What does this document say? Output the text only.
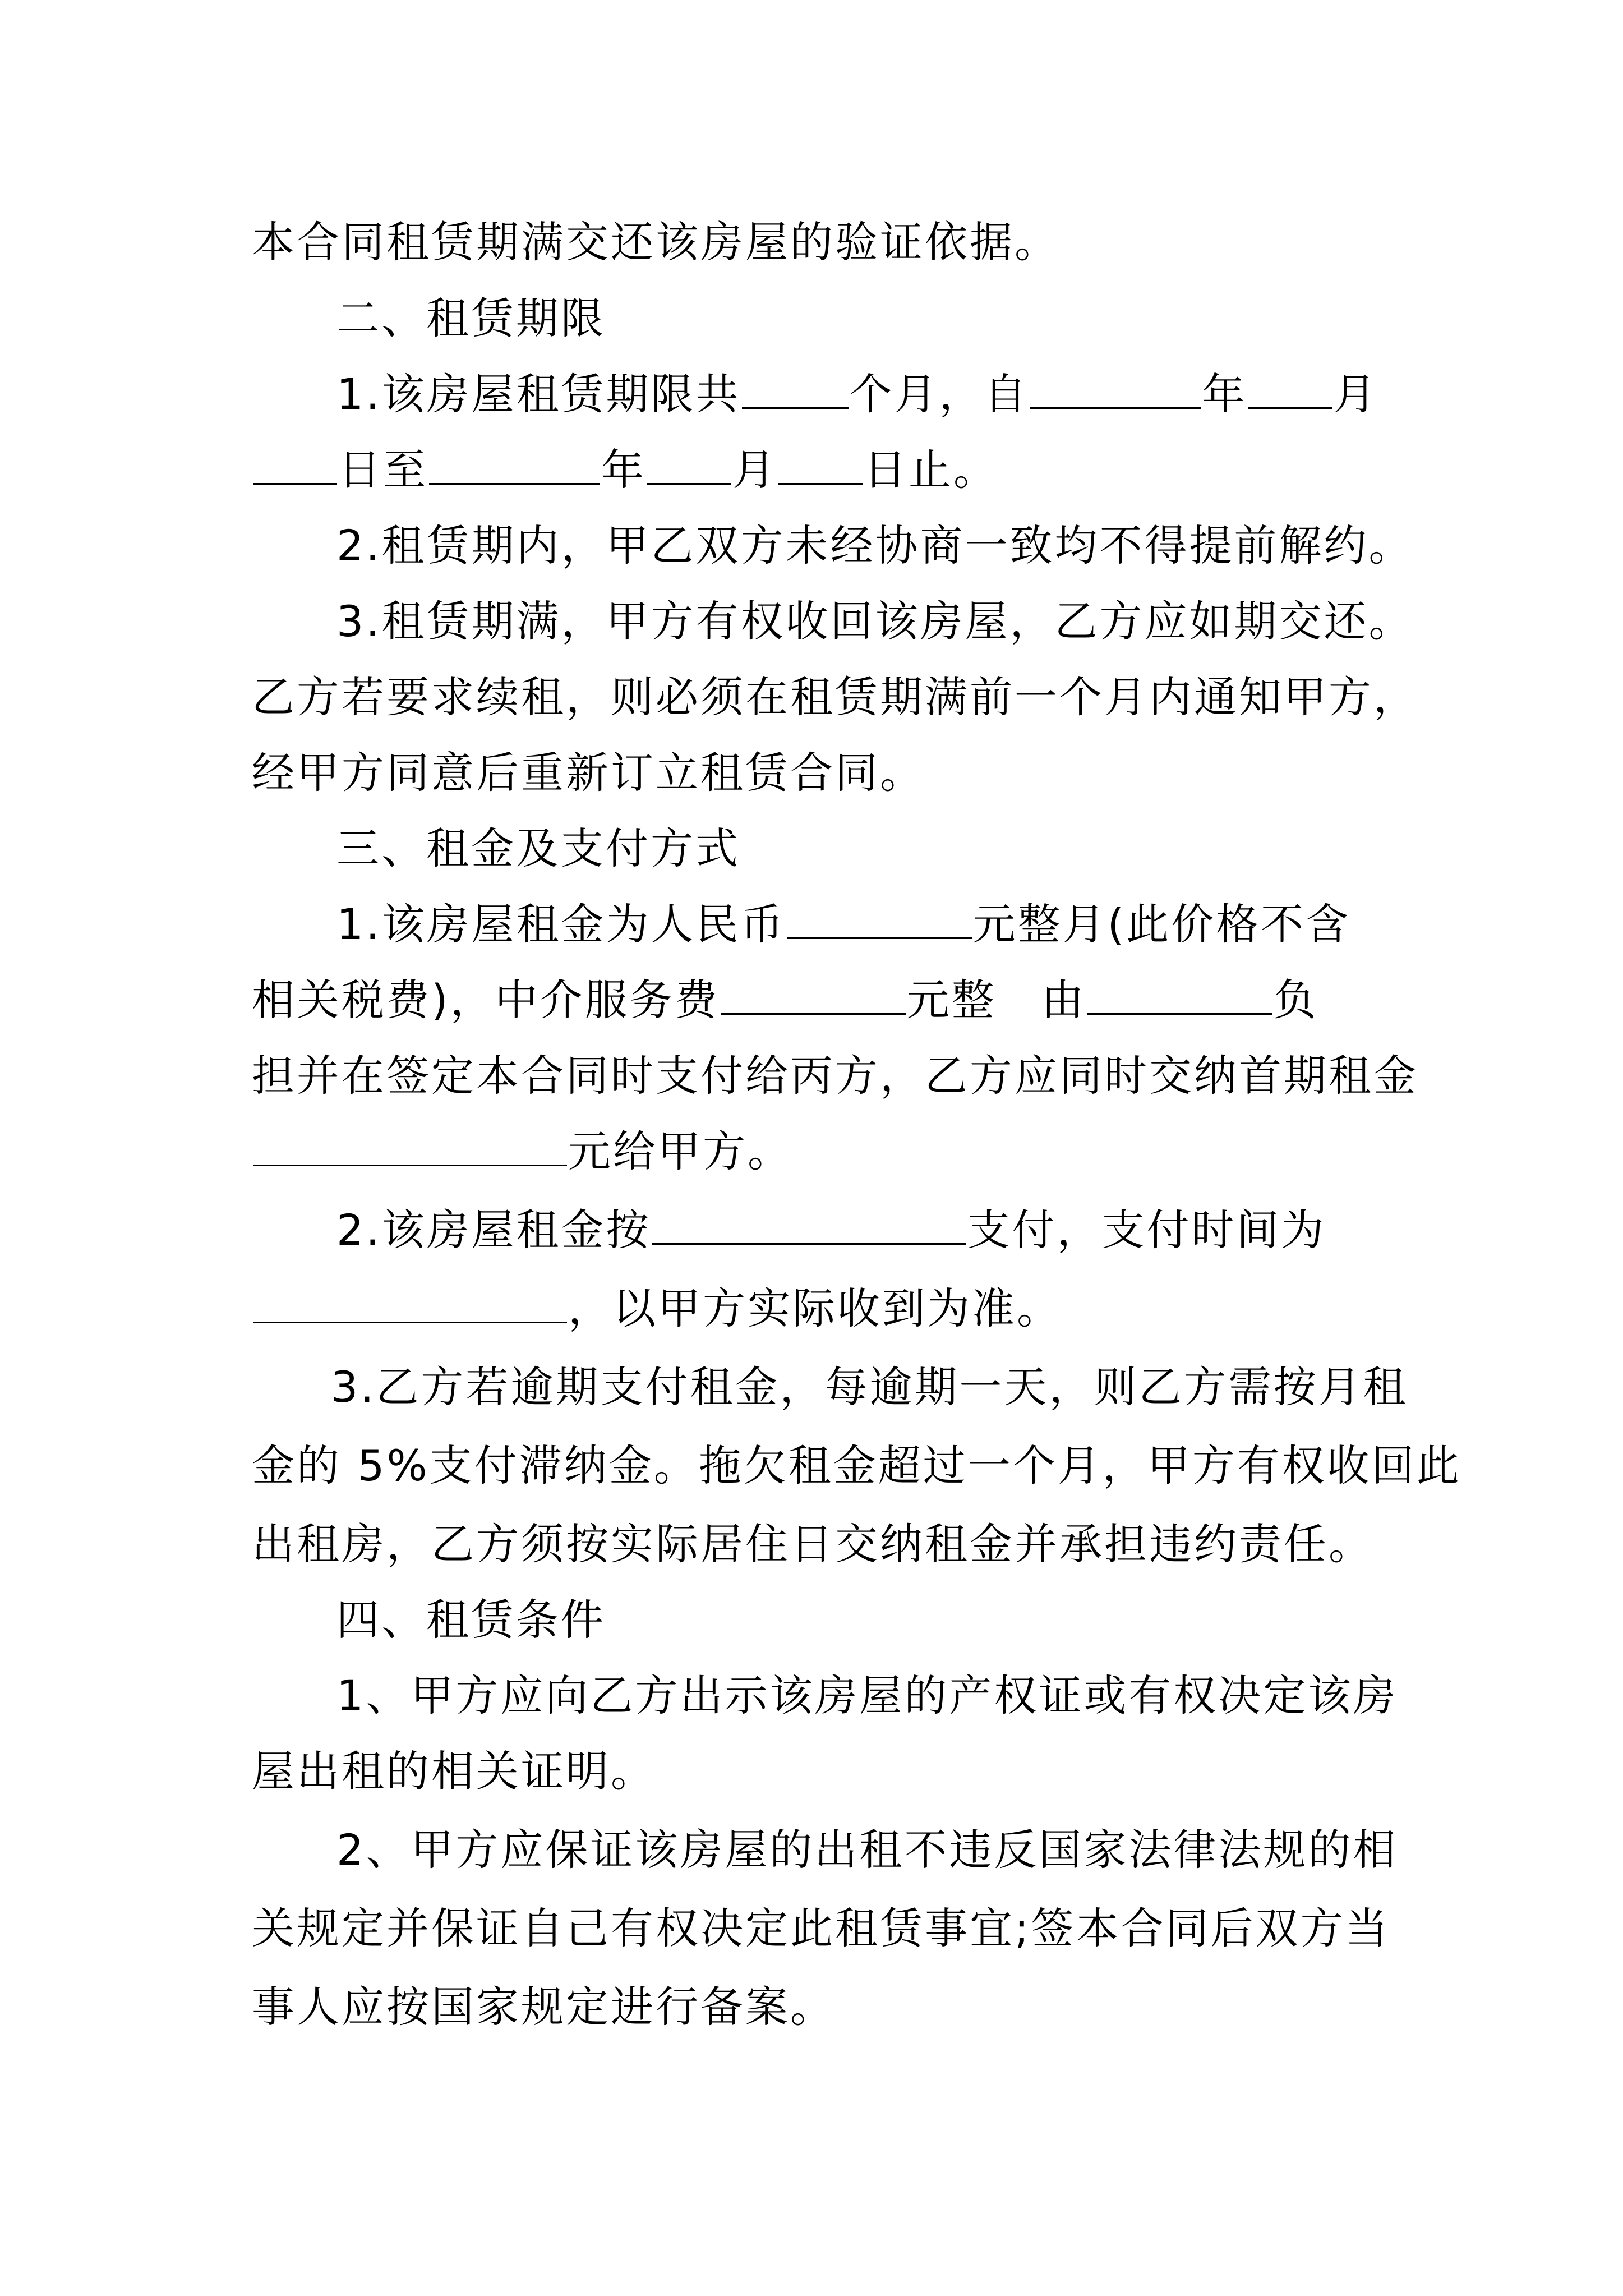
本合同租赁期满交还该房屋的验证依据。
二、租赁期限
1.该房屋租赁期限共	个月，自	年 月
日至	年 月 日止。
2.租赁期内，甲乙双方未经协商一致均不得提前解约。
3.租赁期满，甲方有权收回该房屋，乙方应如期交还。
乙方若要求续租，则必须在租赁期满前一个月内通知甲方，
经甲方同意后重新订立租赁合同。
三、租金及支付方式
1.该房屋租金为人民币	元整月(此价格不含
相关税费)，中介服务费	元整　由	负
担并在签定本合同时支付给丙方，乙方应同时交纳首期租金
元给甲方。
2.该房屋租金按	支付，支付时间为
，以甲方实际收到为准。
3.乙方若逾期支付租金，每逾期一天，则乙方需按月租
金的 5%支付滞纳金。拖欠租金超过一个月，甲方有权收回此
出租房，乙方须按实际居住日交纳租金并承担违约责任。
四、租赁条件
1、甲方应向乙方出示该房屋的产权证或有权决定该房
屋出租的相关证明。
2、甲方应保证该房屋的出租不违反国家法律法规的相
关规定并保证自己有权决定此租赁事宜;签本合同后双方当
事人应按国家规定进行备案。
